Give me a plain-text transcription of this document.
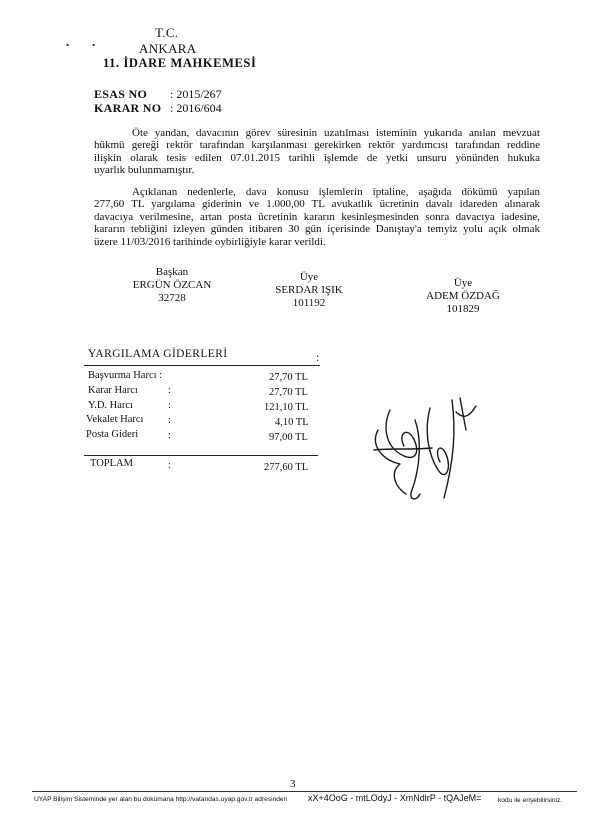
T.C.
. .	ANKARA
11. İDARE MAHKEMESİ
ESAS NO : 2015/267
KARAR NO : 2016/604
Öte yandan, davacının görev süresinin uzatılması isteminin yukarıda anılan mevzuat
hükmü gereği rektör tarafından karşılanması gerekirken rektör yardımcısı tarafından reddine
ilişkin olarak tesis edilen 07.01.2015 tarihli işlemde de yetki unsuru yönünden hukuka
uyarlık bulunmamıştır.
Açıklanan nedenlerle, dava konusu işlemlerin iptaline, aşağıda dökümü yapılan
277,60 TL yargılama giderinin ve 1.000,00 TL avukatlık ücretinin davalı idareden alınarak
davacıya verilmesine, artan posta ücretinin kararın kesinleşmesinden sonra davacıya iadesine,
kararın tebliğini izleyen günden itibaren 30 gün içerisinde Danıştay'a temyiz yolu açık olmak
üzere 11/03/2016 tarihinde oybirliğiyle karar verildi.
Başkan
ERGÜN ÖZCAN
32728
Üye
SERDAR IŞIK
101192
Üye
ADEM ÖZDAĞ
101829
YARGILAMA GİDERLERİ	:
Başvurma Harcı :	27,70 TL
Karar Harcı	:	27,70 TL
Y.D. Harcı	:	121,10 TL
Vekalet Harcı :	4,10 TL
Posta Gideri	:	97,00 TL
TOPLAM	:	277,60 TL
3
UYAP Bilişim Sisteminde yer alan bu dokümana http://vatandas.uyap.gov.tr adresinden xX+4OoG - mtLOdyJ - XmNdlrP - tQAJeM=	kodu ile erişebilirsiniz.
